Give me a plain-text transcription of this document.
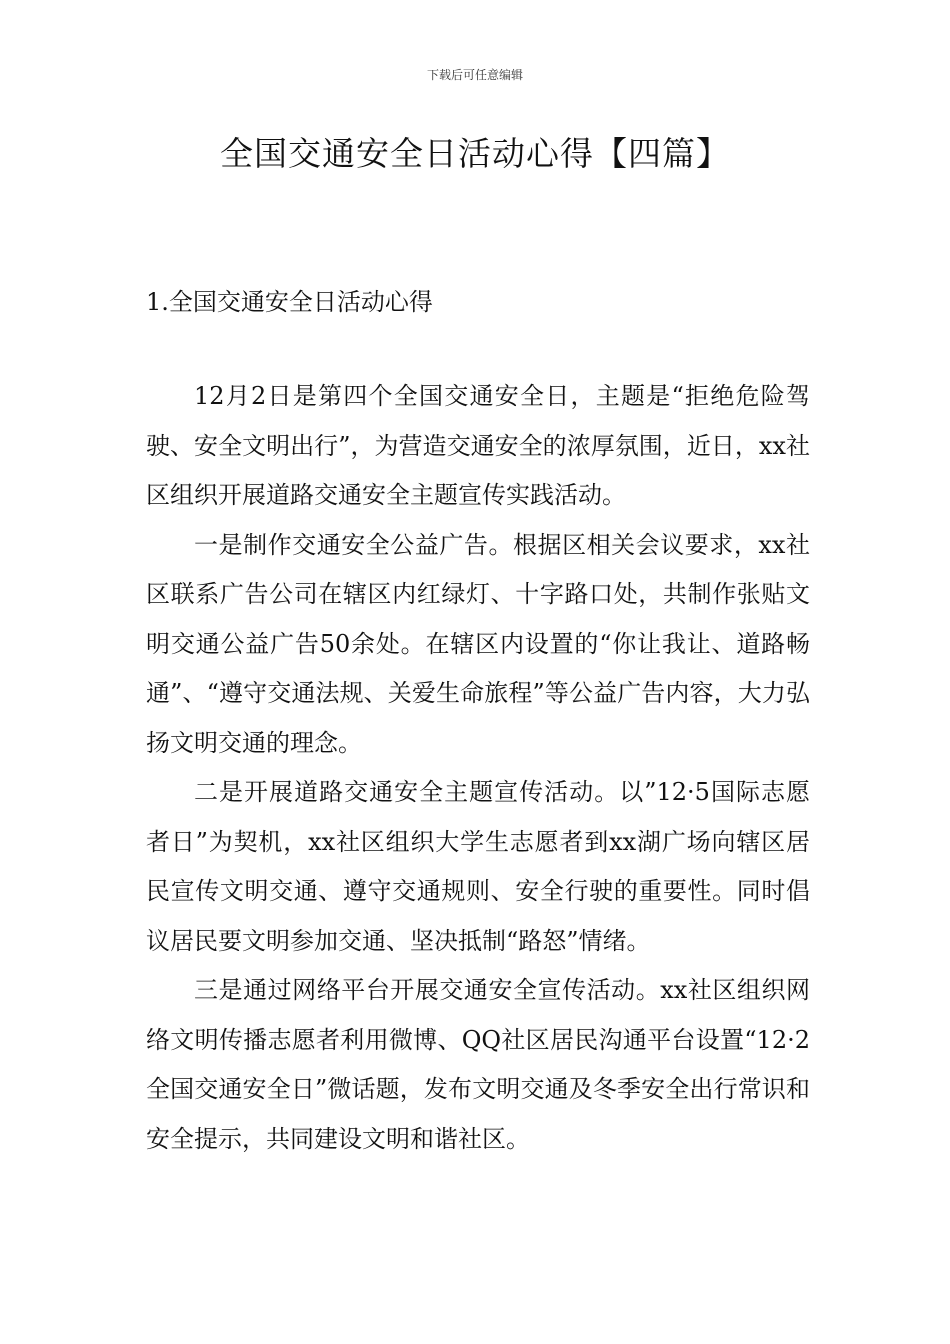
下载后可任意编辑
全国交通安全日活动心得【四篇】
1.全国交通安全日活动心得

12月2日是第四个全国交通安全日，主题是“拒绝危险驾驶、安全文明出行”，为营造交通安全的浓厚氛围，近日，xx社区组织开展道路交通安全主题宣传实践活动。

一是制作交通安全公益广告。根据区相关会议要求，xx社区联系广告公司在辖区内红绿灯、十字路口处，共制作张贴文明交通公益广告50余处。在辖区内设置的“你让我让、道路畅通”、“遵守交通法规、关爱生命旅程”等公益广告内容，大力弘扬文明交通的理念。

二是开展道路交通安全主题宣传活动。以”12·5国际志愿者日”为契机，xx社区组织大学生志愿者到xx湖广场向辖区居民宣传文明交通、遵守交通规则、安全行驶的重要性。同时倡议居民要文明参加交通、坚决抵制“路怒”情绪。

三是通过网络平台开展交通安全宣传活动。xx社区组织网络文明传播志愿者利用微博、QQ社区居民沟通平台设置“12·2全国交通安全日”微话题，发布文明交通及冬季安全出行常识和安全提示，共同建设文明和谐社区。
